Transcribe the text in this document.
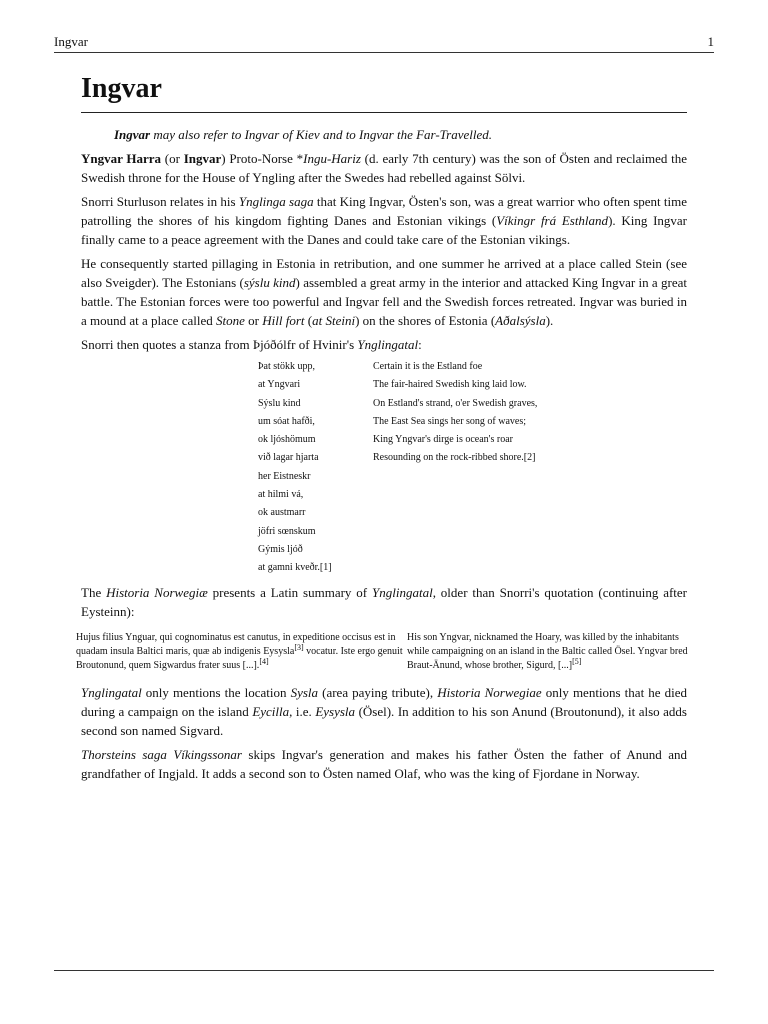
Ingvar	1
Ingvar
Ingvar may also refer to Ingvar of Kiev and to Ingvar the Far-Travelled.

Yngvar Harra (or Ingvar) Proto-Norse *Ingu-Hariz (d. early 7th century) was the son of Östen and reclaimed the Swedish throne for the House of Yngling after the Swedes had rebelled against Sölvi.

Snorri Sturluson relates in his Ynglinga saga that King Ingvar, Östen's son, was a great warrior who often spent time patrolling the shores of his kingdom fighting Danes and Estonian vikings (Víkingr frá Esthland). King Ingvar finally came to a peace agreement with the Danes and could take care of the Estonian vikings.

He consequently started pillaging in Estonia in retribution, and one summer he arrived at a place called Stein (see also Sveigder). The Estonians (sýslu kind) assembled a great army in the interior and attacked King Ingvar in a great battle. The Estonian forces were too powerful and Ingvar fell and the Swedish forces retreated. Ingvar was buried in a mound at a place called Stone or Hill fort (at Steini) on the shores of Estonia (Aðalsýsla).

Snorri then quotes a stanza from Þjóðólfr of Hvinir's Ynglingatal:

Þat stökk upp,
at Yngvari
Sýslu kind
um sóat hafði,
ok ljóshömum
við lagar hjarta
her Eistneskr
at hilmi vá,
ok austmarr
jöfri sœnskum
Gýmis ljóð
at gamni kveðr.[1]
Certain it is the Estland foe
The fair-haired Swedish king laid low.
On Estland's strand, o'er Swedish graves,
The East Sea sings her song of waves;
King Yngvar's dirge is ocean's roar
Resounding on the rock-ribbed shore.[2]

The Historia Norwegiæ presents a Latin summary of Ynglingatal, older than Snorri's quotation (continuing after Eysteinn):

Hujus filius Ynguar, qui cognominatus est canutus, in expeditione occisus est in quadam insula Baltici maris, quæ ab indigenis Eysysla[3] vocatur. Iste ergo genuit Broutonund, quem Sigwardus frater suus [...].[4]
His son Yngvar, nicknamed the Hoary, was killed by the inhabitants while campaigning on an island in the Baltic called Ösel. Yngvar bred Braut-Änund, whose brother, Sigurd, [...][5]

Ynglingatal only mentions the location Sysla (area paying tribute), Historia Norwegiae only mentions that he died during a campaign on the island Eycilla, i.e. Eysysla (Ösel). In addition to his son Anund (Broutonund), it also adds second son named Sigvard.

Thorsteins saga Víkingssonar skips Ingvar's generation and makes his father Östen the father of Anund and grandfather of Ingjald. It adds a second son to Östen named Olaf, who was the king of Fjordane in Norway.
